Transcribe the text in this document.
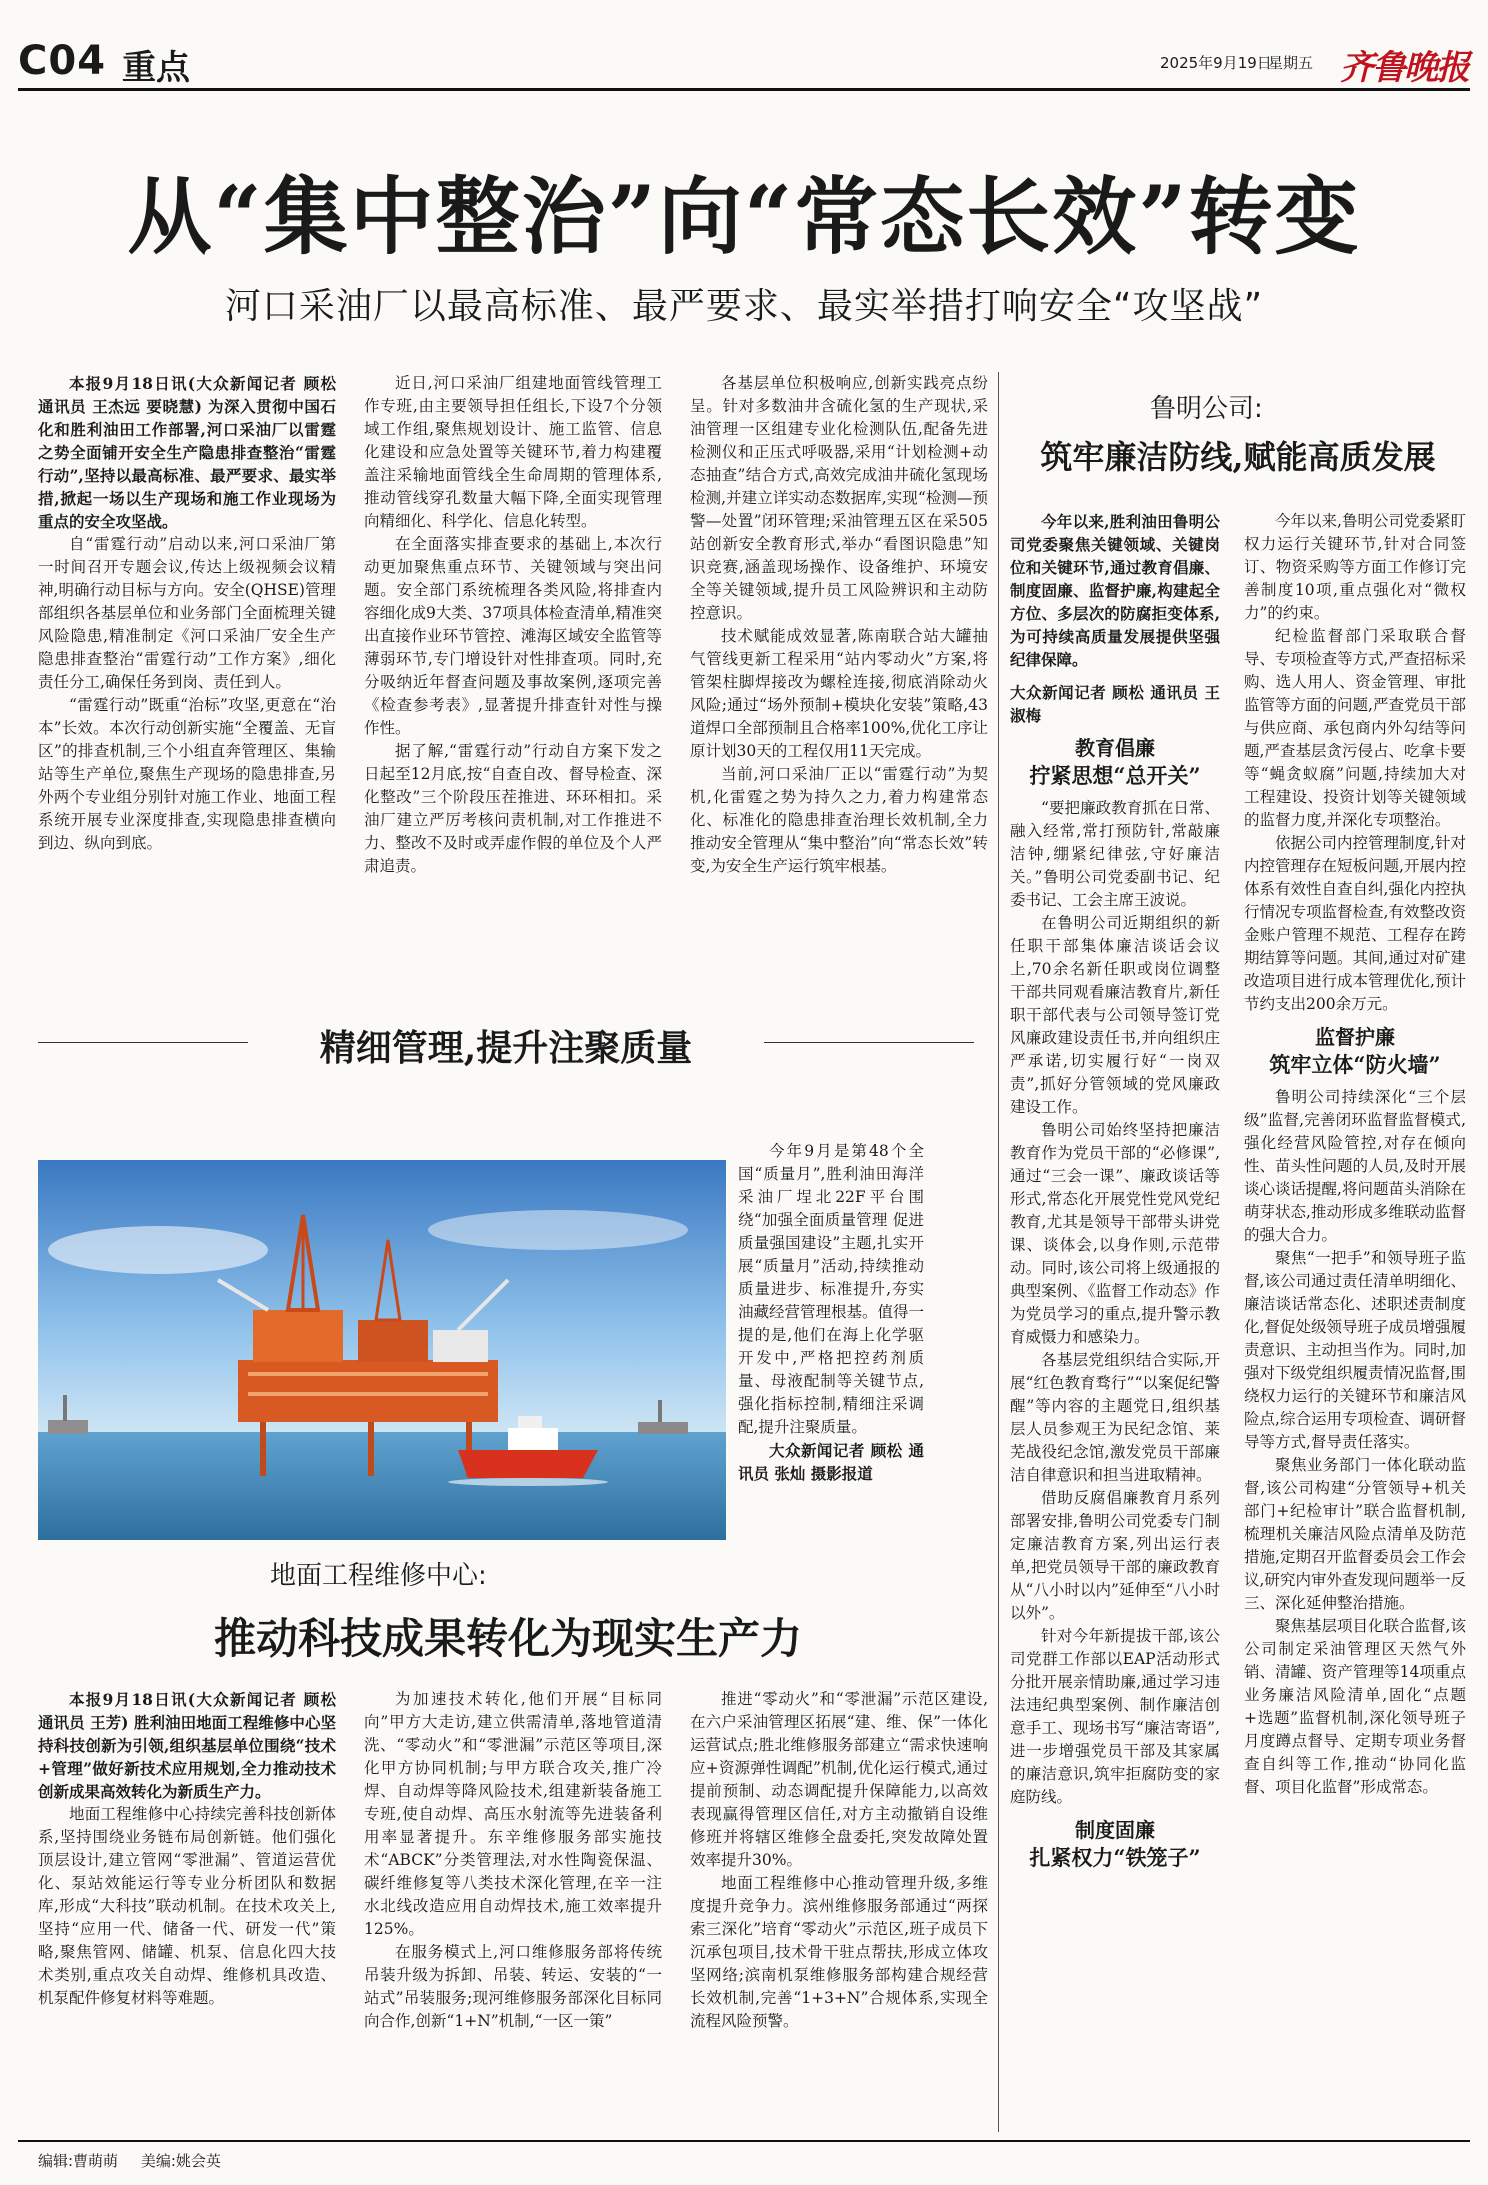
C04 重点	2025年9月19日
星期五 齐鲁晚报
从“集中整治”向“常态长效”转变
河口采油厂以最高标准、最严要求、最实举措打响安全“攻坚战”

本报9月18日讯(大众新闻记者 顾松 通讯员 王杰远 要晓慧) 为深入贯彻中国石化和胜利油田工作部署,河口采油厂以雷霆之势全面铺开安全生产隐患排查整治“雷霆行动”,坚持以最高标准、最严要求、最实举措,掀起一场以生产现场和施工作业现场为重点的安全攻坚战。

自“雷霆行动”启动以来,河口采油厂第一时间召开专题会议,传达上级视频会议精神,明确行动目标与方向。安全(QHSE)管理部组织各基层单位和业务部门全面梳理关键风险隐患,精准制定《河口采油厂安全生产隐患排查整治“雷霆行动”工作方案》,细化责任分工,确保任务到岗、责任到人。

“雷霆行动”既重“治标”攻坚,更意在“治本”长效。本次行动创新实施“全覆盖、无盲区”的排查机制,三个小组直奔管理区、集输站等生产单位,聚焦生产现场的隐患排查,另外两个专业组分别针对施工作业、地面工程系统开展专业深度排查,实现隐患排查横向到边、纵向到底。

近日,河口采油厂组建地面管线管理工作专班,由主要领导担任组长,下设7个分领域工作组,聚焦规划设计、施工监管、信息化建设和应急处置等关键环节,着力构建覆盖注采输地面管线全生命周期的管理体系,推动管线穿孔数量大幅下降,全面实现管理向精细化、科学化、信息化转型。

在全面落实排查要求的基础上,本次行动更加聚焦重点环节、关键领域与突出问题。安全部门系统梳理各类风险,将排查内容细化成9大类、37项具体检查清单,精准突出直接作业环节管控、滩海区域安全监管等薄弱环节,专门增设针对性排查项。同时,充分吸纳近年督查问题及事故案例,逐项完善《检查参考表》,显著提升排查针对性与操作性。

据了解,“雷霆行动”行动自方案下发之日起至12月底,按“自查自改、督导检查、深化整改”三个阶段压茬推进、环环相扣。采油厂建立严厉考核问责机制,对工作推进不力、整改不及时或弄虚作假的单位及个人严肃追责。

各基层单位积极响应,创新实践亮点纷呈。针对多数油井含硫化氢的生产现状,采油管理一区组建专业化检测队伍,配备先进检测仪和正压式呼吸器,采用“计划检测+动态抽查”结合方式,高效完成油井硫化氢现场检测,并建立详实动态数据库,实现“检测—预警—处置”闭环管理;采油管理五区在采505站创新安全教育形式,举办“看图识隐患”知识竞赛,涵盖现场操作、设备维护、环境安全等关键领域,提升员工风险辨识和主动防控意识。

技术赋能成效显著,陈南联合站大罐抽气管线更新工程采用“站内零动火”方案,将管架柱脚焊接改为螺栓连接,彻底消除动火风险;通过“场外预制+模块化安装”策略,43道焊口全部预制且合格率100%,优化工序让原计划30天的工程仅用11天完成。

当前,河口采油厂正以“雷霆行动”为契机,化雷霆之势为持久之力,着力构建常态化、标准化的隐患排查治理长效机制,全力推动安全管理从“集中整治”向“常态长效”转变,为安全生产运行筑牢根基。

精细管理,提升注聚质量

今年9月是第48个全国“质量月”,胜利油田海洋采油厂埕北22F平台围绕“加强全面质量管理 促进质量强国建设”主题,扎实开展“质量月”活动,持续推动质量进步、标准提升,夯实油藏经营管理根基。值得一提的是,他们在海上化学驱开发中,严格把控药剂质量、母液配制等关键节点,强化指标控制,精细注采调配,提升注聚质量。

大众新闻记者 顾松 通讯员 张灿 摄影报道

地面工程维修中心:
推动科技成果转化为现实生产力

本报9月18日讯(大众新闻记者 顾松 通讯员 王芳) 胜利油田地面工程维修中心坚持科技创新为引领,组织基层单位围绕“技术+管理”做好新技术应用规划,全力推动技术创新成果高效转化为新质生产力。

地面工程维修中心持续完善科技创新体系,坚持围绕业务链布局创新链。他们强化顶层设计,建立管网“零泄漏”、管道运营优化、泵站效能运行等专业分析团队和数据库,形成“大科技”联动机制。在技术攻关上,坚持“应用一代、储备一代、研发一代”策略,聚焦管网、储罐、机泵、信息化四大技术类别,重点攻关自动焊、维修机具改造、机泵配件修复材料等难题。

为加速技术转化,他们开展“目标同向”甲方大走访,建立供需清单,落地管道清洗、“零动火”和“零泄漏”示范区等项目,深化甲方协同机制;与甲方联合攻关,推广冷焊、自动焊等降风险技术,组建新装备施工专班,使自动焊、高压水射流等先进装备利用率显著提升。东辛维修服务部实施技术“ABCK”分类管理法,对水性陶瓷保温、碳纤维修复等八类技术深化管理,在辛一注水北线改造应用自动焊技术,施工效率提升125%。

在服务模式上,河口维修服务部将传统吊装升级为拆卸、吊装、转运、安装的“一站式”吊装服务;现河维修服务部深化目标同向合作,创新“1+N”机制,“一区一策”

推进“零动火”和“零泄漏”示范区建设,在六户采油管理区拓展“建、维、保”一体化运营试点;胜北维修服务部建立“需求快速响应+资源弹性调配”机制,优化运行模式,通过提前预制、动态调配提升保障能力,以高效表现赢得管理区信任,对方主动撤销自设维修班并将辖区维修全盘委托,突发故障处置效率提升30%。

地面工程维修中心推动管理升级,多维度提升竞争力。滨州维修服务部通过“两探索三深化”培育“零动火”示范区,班子成员下沉承包项目,技术骨干驻点帮扶,形成立体攻坚网络;滨南机泵维修服务部构建合规经营长效机制,完善“1+3+N”合规体系,实现全流程风险预警。

鲁明公司:
筑牢廉洁防线,赋能高质发展

今年以来,胜利油田鲁明公司党委聚焦关键领域、关键岗位和关键环节,通过教育倡廉、制度固廉、监督护廉,构建起全方位、多层次的防腐拒变体系,为可持续高质量发展提供坚强纪律保障。

大众新闻记者 顾松 通讯员 王淑梅

教育倡廉
拧紧思想“总开关”

“要把廉政教育抓在日常、融入经常,常打预防针,常敲廉洁钟,绷紧纪律弦,守好廉洁关。”鲁明公司党委副书记、纪委书记、工会主席王波说。

在鲁明公司近期组织的新任职干部集体廉洁谈话会议上,70余名新任职或岗位调整干部共同观看廉洁教育片,新任职干部代表与公司领导签订党风廉政建设责任书,并向组织庄严承诺,切实履行好“一岗双责”,抓好分管领域的党风廉政建设工作。

鲁明公司始终坚持把廉洁教育作为党员干部的“必修课”,通过“三会一课”、廉政谈话等形式,常态化开展党性党风党纪教育,尤其是领导干部带头讲党课、谈体会,以身作则,示范带动。同时,该公司将上级通报的典型案例、《监督工作动态》作为党员学习的重点,提升警示教育威慑力和感染力。

各基层党组织结合实际,开展“红色教育骛行”“以案促纪警醒”等内容的主题党日,组织基层人员参观王为民纪念馆、莱芜战役纪念馆,激发党员干部廉洁自律意识和担当进取精神。

借助反腐倡廉教育月系列部署安排,鲁明公司党委专门制定廉洁教育方案,列出运行表单,把党员领导干部的廉政教育从“八小时以内”延伸至“八小时以外”。

针对今年新提拔干部,该公司党群工作部以EAP活动形式分批开展亲情助廉,通过学习违法违纪典型案例、制作廉洁创意手工、现场书写“廉洁寄语”,进一步增强党员干部及其家属的廉洁意识,筑牢拒腐防变的家庭防线。

制度固廉
扎紧权力“铁笼子”

今年以来,鲁明公司党委紧盯权力运行关键环节,针对合同签订、物资采购等方面工作修订完善制度10项,重点强化对“微权力”的约束。

纪检监督部门采取联合督导、专项检查等方式,严查招标采购、选人用人、资金管理、审批监管等方面的问题,严查党员干部与供应商、承包商内外勾结等问题,严查基层贪污侵占、吃拿卡要等“蝇贪蚁腐”问题,持续加大对工程建设、投资计划等关键领域的监督力度,并深化专项整治。

依据公司内控管理制度,针对内控管理存在短板问题,开展内控体系有效性自查自纠,强化内控执行情况专项监督检查,有效整改资金账户管理不规范、工程存在跨期结算等问题。其间,通过对矿建改造项目进行成本管理优化,预计节约支出200余万元。

监督护廉
筑牢立体“防火墙”

鲁明公司持续深化“三个层级”监督,完善闭环监督监督模式,强化经营风险管控,对存在倾向性、苗头性问题的人员,及时开展谈心谈话提醒,将问题苗头消除在萌芽状态,推动形成多维联动监督的强大合力。

聚焦“一把手”和领导班子监督,该公司通过责任清单明细化、廉洁谈话常态化、述职述责制度化,督促处级领导班子成员增强履责意识、主动担当作为。同时,加强对下级党组织履责情况监督,围绕权力运行的关键环节和廉洁风险点,综合运用专项检查、调研督导等方式,督导责任落实。

聚焦业务部门一体化联动监督,该公司构建“分管领导+机关部门+纪检审计”联合监督机制,梳理机关廉洁风险点清单及防范措施,定期召开监督委员会工作会议,研究内审外查发现问题举一反三、深化延伸整治措施。

聚焦基层项目化联合监督,该公司制定采油管理区天然气外销、清罐、资产管理等14项重点业务廉洁风险清单,固化“点题+选题”监督机制,深化领导班子月度蹲点督导、定期专项业务督查自纠等工作,推动“协同化监督、项目化监督”形成常态。

编辑:曹萌萌 美编:姚会英
